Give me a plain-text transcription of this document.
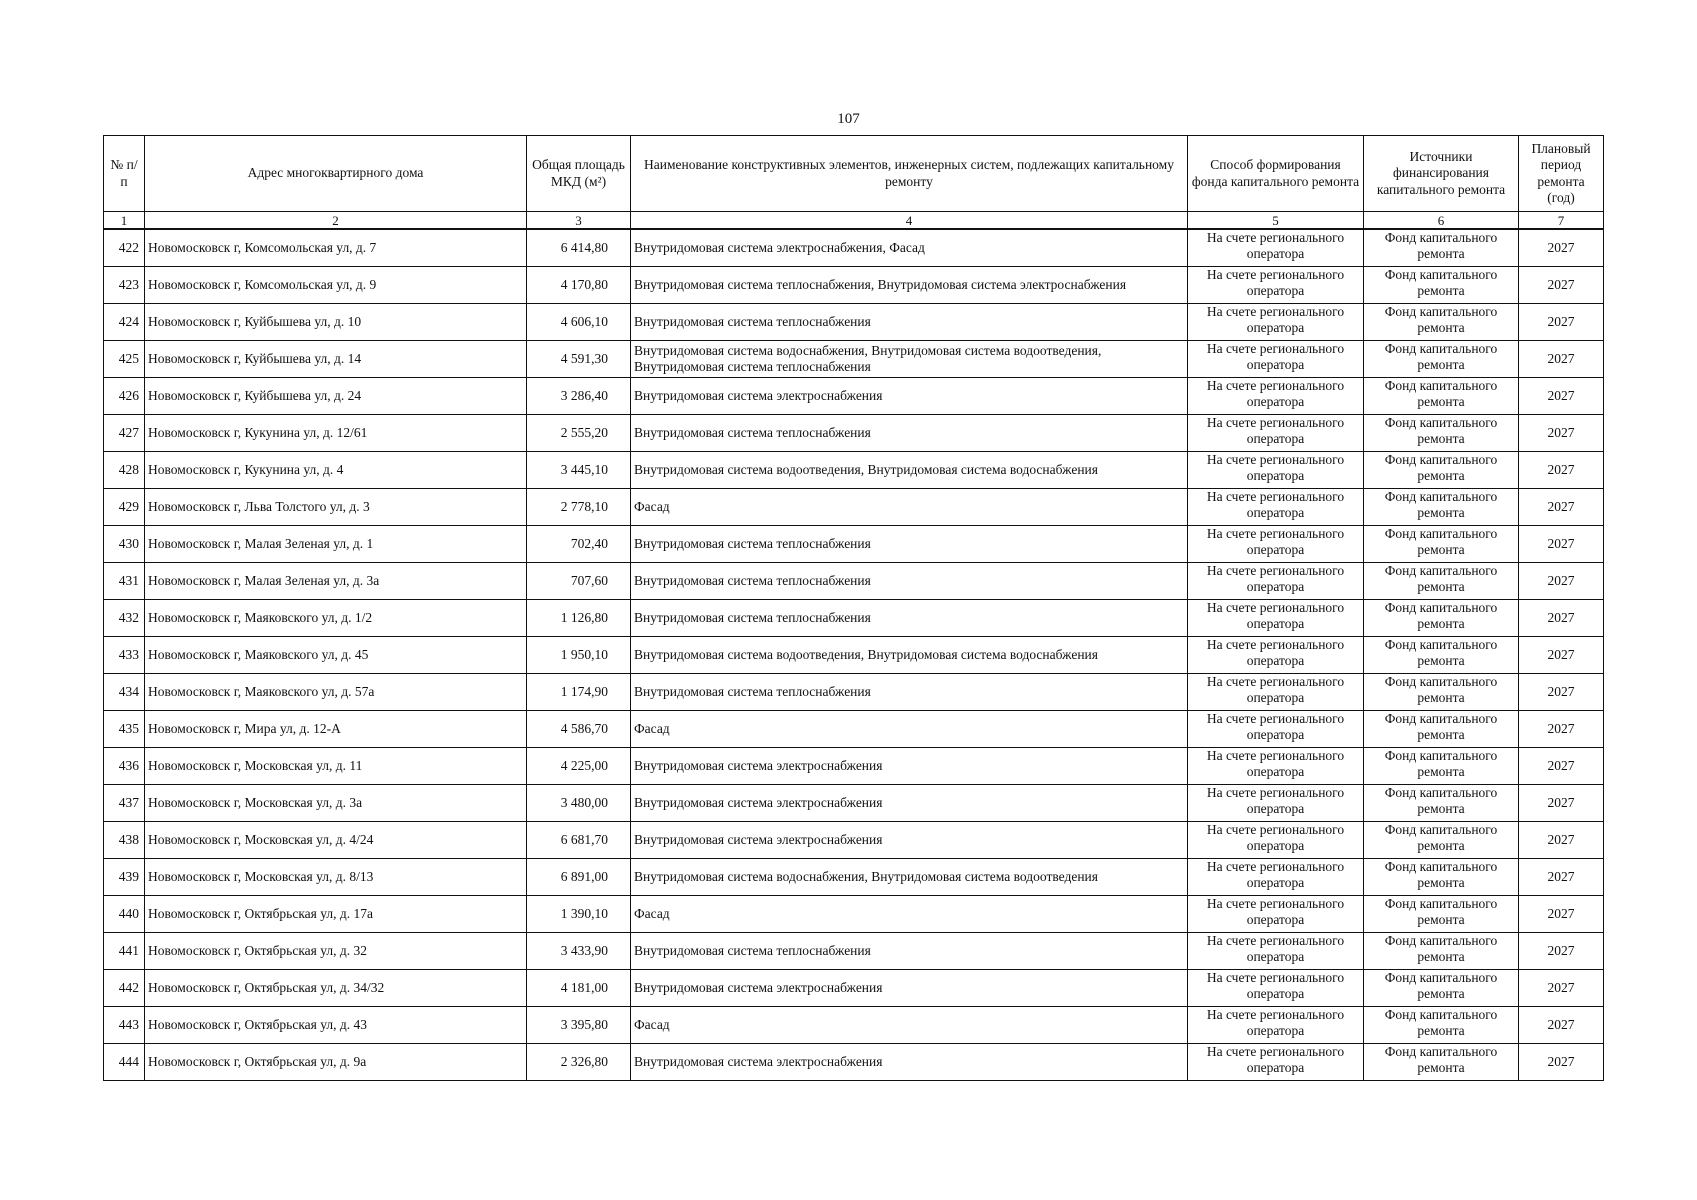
107
№ п/п	Адрес многоквартирного дома	Общая площадь МКД (м²)	Наименование конструктивных элементов, инженерных систем, подлежащих капитальному ремонту	Способ формирования фонда капитального ремонта	Источники финансирования капитального ремонта	Плановый период ремонта (год)
1	2	3	4	5	6	7
422	Новомосковск г, Комсомольская ул, д. 7	6 414,80	Внутридомовая система электроснабжения, Фасад	На счете регионального оператора	Фонд капитального ремонта	2027
423	Новомосковск г, Комсомольская ул, д. 9	4 170,80	Внутридомовая система теплоснабжения, Внутридомовая система электроснабжения	На счете регионального оператора	Фонд капитального ремонта	2027
424	Новомосковск г, Куйбышева ул, д. 10	4 606,10	Внутридомовая система теплоснабжения	На счете регионального оператора	Фонд капитального ремонта	2027
425	Новомосковск г, Куйбышева ул, д. 14	4 591,30	Внутридомовая система водоснабжения, Внутридомовая система водоотведения, Внутридомовая система теплоснабжения	На счете регионального оператора	Фонд капитального ремонта	2027
426	Новомосковск г, Куйбышева ул, д. 24	3 286,40	Внутридомовая система электроснабжения	На счете регионального оператора	Фонд капитального ремонта	2027
427	Новомосковск г, Кукунина ул, д. 12/61	2 555,20	Внутридомовая система теплоснабжения	На счете регионального оператора	Фонд капитального ремонта	2027
428	Новомосковск г, Кукунина ул, д. 4	3 445,10	Внутридомовая система водоотведения, Внутридомовая система водоснабжения	На счете регионального оператора	Фонд капитального ремонта	2027
429	Новомосковск г, Льва Толстого ул, д. 3	2 778,10	Фасад	На счете регионального оператора	Фонд капитального ремонта	2027
430	Новомосковск г, Малая Зеленая ул, д. 1	702,40	Внутридомовая система теплоснабжения	На счете регионального оператора	Фонд капитального ремонта	2027
431	Новомосковск г, Малая Зеленая ул, д. 3а	707,60	Внутридомовая система теплоснабжения	На счете регионального оператора	Фонд капитального ремонта	2027
432	Новомосковск г, Маяковского ул, д. 1/2	1 126,80	Внутридомовая система теплоснабжения	На счете регионального оператора	Фонд капитального ремонта	2027
433	Новомосковск г, Маяковского ул, д. 45	1 950,10	Внутридомовая система водоотведения, Внутридомовая система водоснабжения	На счете регионального оператора	Фонд капитального ремонта	2027
434	Новомосковск г, Маяковского ул, д. 57а	1 174,90	Внутридомовая система теплоснабжения	На счете регионального оператора	Фонд капитального ремонта	2027
435	Новомосковск г, Мира ул, д. 12-А	4 586,70	Фасад	На счете регионального оператора	Фонд капитального ремонта	2027
436	Новомосковск г, Московская ул, д. 11	4 225,00	Внутридомовая система электроснабжения	На счете регионального оператора	Фонд капитального ремонта	2027
437	Новомосковск г, Московская ул, д. 3а	3 480,00	Внутридомовая система электроснабжения	На счете регионального оператора	Фонд капитального ремонта	2027
438	Новомосковск г, Московская ул, д. 4/24	6 681,70	Внутридомовая система электроснабжения	На счете регионального оператора	Фонд капитального ремонта	2027
439	Новомосковск г, Московская ул, д. 8/13	6 891,00	Внутридомовая система водоснабжения, Внутридомовая система водоотведения	На счете регионального оператора	Фонд капитального ремонта	2027
440	Новомосковск г, Октябрьская ул, д. 17а	1 390,10	Фасад	На счете регионального оператора	Фонд капитального ремонта	2027
441	Новомосковск г, Октябрьская ул, д. 32	3 433,90	Внутридомовая система теплоснабжения	На счете регионального оператора	Фонд капитального ремонта	2027
442	Новомосковск г, Октябрьская ул, д. 34/32	4 181,00	Внутридомовая система электроснабжения	На счете регионального оператора	Фонд капитального ремонта	2027
443	Новомосковск г, Октябрьская ул, д. 43	3 395,80	Фасад	На счете регионального оператора	Фонд капитального ремонта	2027
444	Новомосковск г, Октябрьская ул, д. 9а	2 326,80	Внутридомовая система электроснабжения	На счете регионального оператора	Фонд капитального ремонта	2027
